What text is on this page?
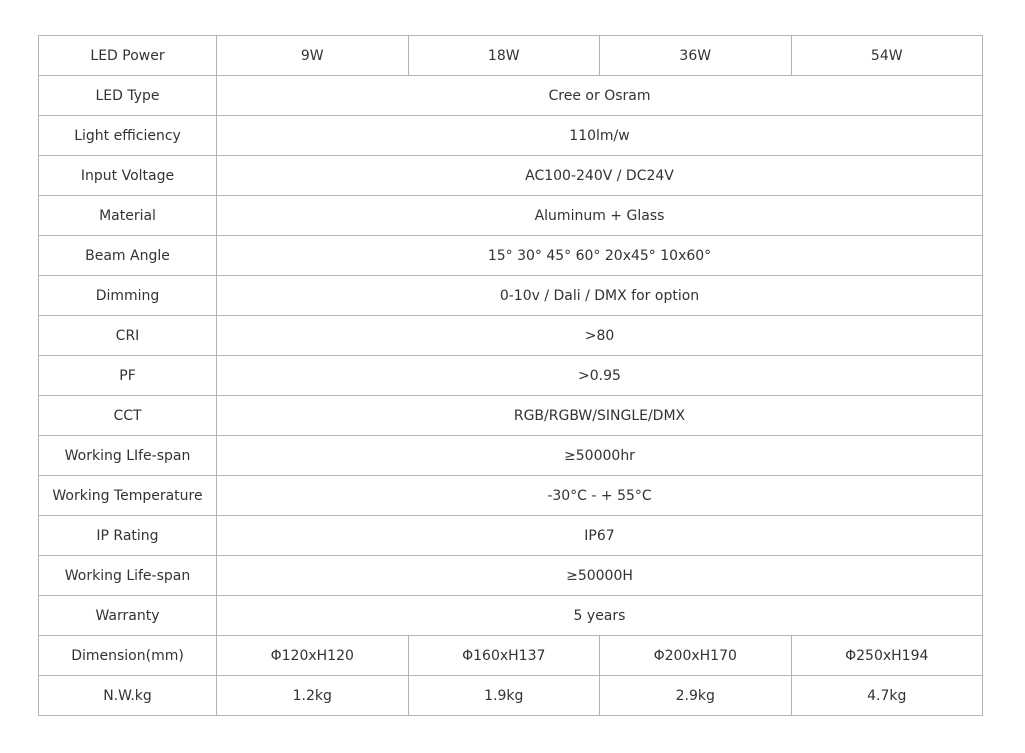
LED Power	9W	18W	36W	54W
LED Type	Cree or Osram			
Light efficiency	110lm/w			
Input Voltage	AC100-240V / DC24V			
Material	Aluminum + Glass			
Beam Angle	15° 30° 45° 60° 20x45° 10x60°			
Dimming	0-10v / Dali / DMX for option			
CRI	>80			
PF	>0.95			
CCT	RGB/RGBW/SINGLE/DMX			
Working LIfe-span	≥50000hr			
Working Temperature	-30°C - + 55°C			
IP Rating	IP67			
Working Life-span	≥50000H			
Warranty	5 years			
Dimension(mm)	Φ120xH120	Φ160xH137	Φ200xH170	Φ250xH194
N.W.kg	1.2kg	1.9kg	2.9kg	4.7kg
